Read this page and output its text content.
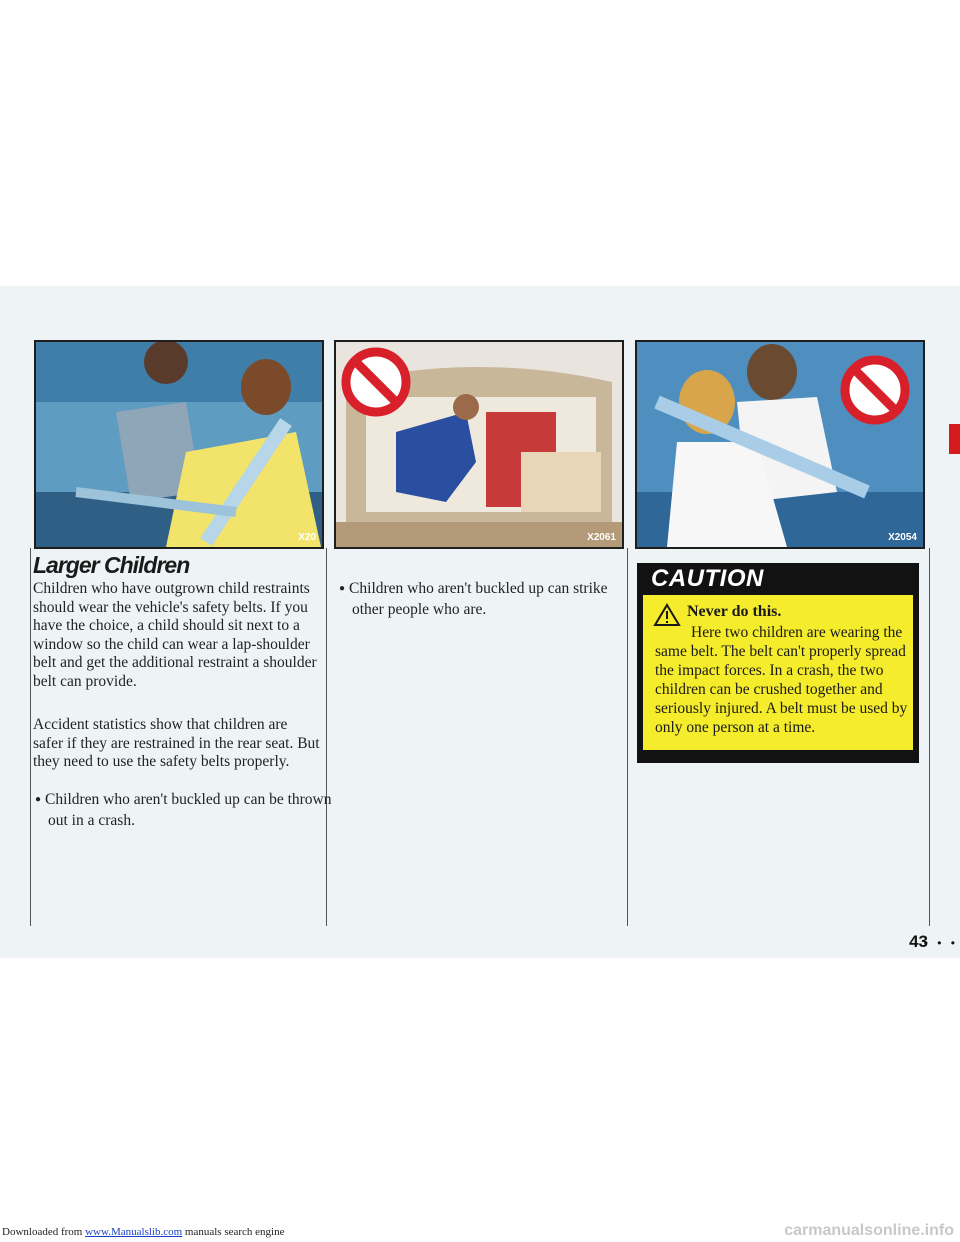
X20	X2061	X2054
Larger Children

Children who have outgrown child restraints should wear the vehicle's safety belts. If you have the choice, a child should sit next to a window so the child can wear a lap-shoulder belt and get the additional restraint a shoulder belt can provide.

Accident statistics show that children are safer if they are restrained in the rear seat. But they need to use the safety belts properly.

● Children who aren't buckled up can be thrown out in a crash.

● Children who aren't buckled up can strike other people who are.

CAUTION
Never do this.

Here two children are wearing the same belt. The belt can't properly spread the impact forces. In a crash, the two children can be crushed together and seriously injured. A belt must be used by only one person at a time.

43
• • •
Downloaded from www.Manualslib.com manuals search engine	carmanualsonline.info
